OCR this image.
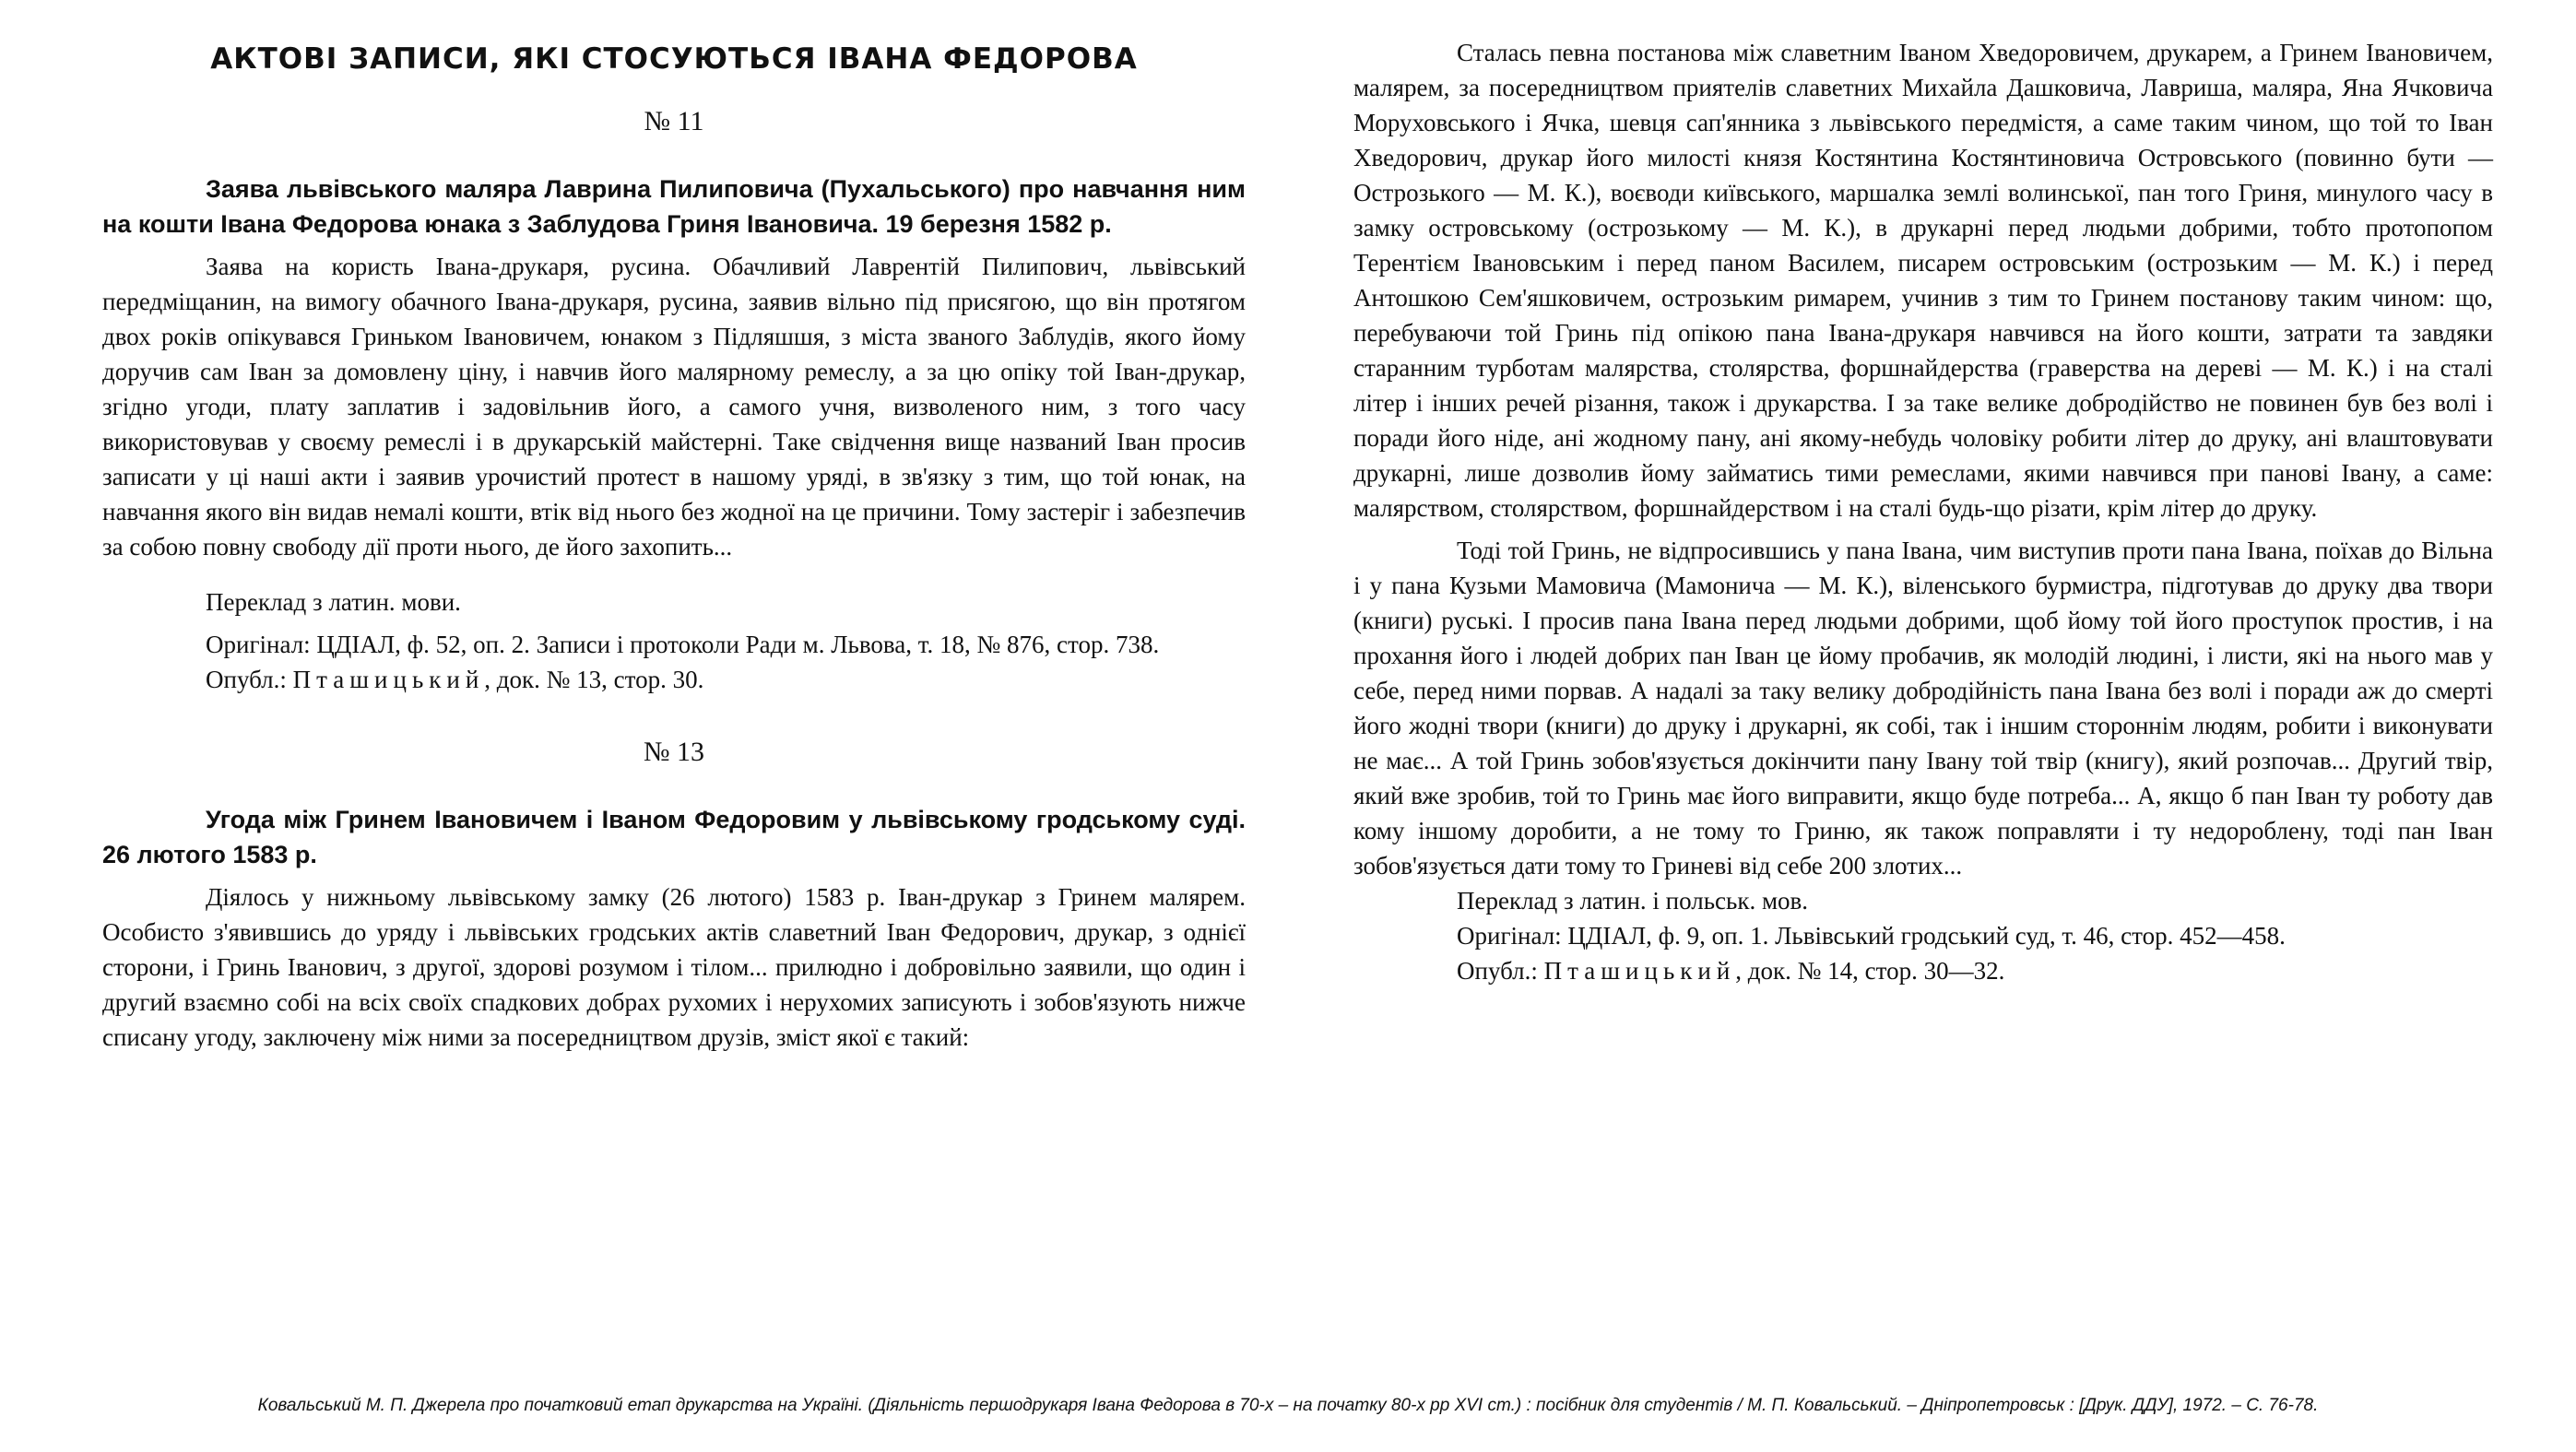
АКТОВІ ЗАПИСИ, ЯКІ СТОСУЮТЬСЯ ІВАНА ФЕДОРОВА
№ 11

Заява львівського маляра Лаврина Пилиповича (Пухальського) про навчання ним на кошти Івана Федорова юнака з Заблудова Гриня Івановича. 19 березня 1582 р.

Заява на користь Івана-друкаря, русина. Обачливий Лаврентій Пилипович, львівський передміщанин, на вимогу обачного Івана-друкаря, русина, заявив вільно під присягою, що він протягом двох років опікувався Гриньком Івановичем, юнаком з Підляшшя, з міста званого Заблудів, якого йому доручив сам Іван за домовлену ціну, і навчив його малярному ремеслу, а за цю опіку той Іван-друкар, згідно угоди, плату заплатив і задовільнив його, а самого учня, визволеного ним, з того часу використовував у своєму ремеслі і в друкарській майстерні. Таке свідчення вище названий Іван просив записати у ці наші акти і заявив урочистий протест в нашому уряді, в зв'язку з тим, що той юнак, на навчання якого він видав немалі кошти, втік від нього без жодної на це причини. Тому застеріг і забезпечив за собою повну свободу дії проти нього, де його захопить...

Переклад з латин. мови.

Оригінал: ЦДІАЛ, ф. 52, оп. 2. Записи і протоколи Ради м. Львова, т. 18, № 876, стор. 738.

Опубл.: Пташицький, док. № 13, стор. 30.

№ 13

Угода між Гринем Івановичем і Іваном Федоровим у львівському гродському суді. 26 лютого 1583 р.

Діялось у нижньому львівському замку (26 лютого) 1583 р. Іван-друкар з Гринем малярем. Особисто з'явившись до уряду і львівських гродських актів славетний Іван Федорович, друкар, з однієї сторони, і Гринь Іванович, з другої, здорові розумом і тілом... прилюдно і добровільно заявили, що один і другий взаємно собі на всіх своїх спадкових добрах рухомих і нерухомих записують і зобов'язують нижче списану угоду, заключену між ними за посередництвом друзів, зміст якої є такий:

Сталась певна постанова між славетним Іваном Хведоровичем, друкарем, а Гринем Івановичем, малярем, за посередництвом приятелів славетних Михайла Дашковича, Лавриша, маляра, Яна Ячковича Моруховського і Ячка, шевця сап'янника з львівського передмістя, а саме таким чином, що той то Іван Хведорович, друкар його милості князя Костянтина Костянтиновича Островського (повинно бути — Острозького — М. К.), воєводи київського, маршалка землі волинської, пан того Гриня, минулого часу в замку островському (острозькому — М. К.), в друкарні перед людьми добрими, тобто протопопом Терентієм Івановським і перед паном Василем, писарем островським (острозьким — М. К.) і перед Антошкою Сем'яшковичем, острозьким римарем, учинив з тим то Гринем постанову таким чином: що, перебуваючи той Гринь під опікою пана Івана-друкаря навчився на його кошти, затрати та завдяки стaранним турботам малярства, столярства, форшнайдерства (граверства на дереві — М. К.) і на сталі літер і інших речей різання, також і друкарства. І за таке велике добродійство не повинен був без волі і поради його ніде, ані жодному пану, ані якому-небудь чоловіку робити літер до друку, ані влаштовувати друкарні, лише дозволив йому займатись тими ремеслами, якими навчився при панові Івану, а саме: малярством, столярством, форшнайдерством і на сталі будь-що різати, крім літер до друку.

Тоді той Гринь, не відпросившись у пана Івана, чим виступив проти пана Івана, поїхав до Вільна і у пана Кузьми Мамовича (Мамонича — М. К.), віленського бурмистра, підготував до друку два твори (книги) руські. І просив пана Івана перед людьми добрими, щоб йому той його проступок простив, і на прохання його і людей добрих пан Іван це йому пробачив, як молодій людині, і листи, які на нього мав у себе, перед ними порвав. А надалі за таку велику добродійність пана Івана без волі і поради аж до смерті його жодні твори (книги) до друку і друкарні, як собі, так і іншим стороннім людям, робити і виконувати не має... А той Гринь зобов'язується докінчити пану Івану той твір (книгу), який розпочав... Другий твір, який вже зробив, той то Гринь має його виправити, якщо буде потреба... А, якщо б пан Іван ту роботу дав кому іншому доробити, а не тому то Гриню, як також поправляти і ту недороблену, тоді пан Іван зобов'язується дати тому то Гриневі від себе 200 злотих...

Переклад з латин. і польськ. мов.

Оригінал: ЦДІАЛ, ф. 9, оп. 1. Львівський гродський суд, т. 46, стор. 452—458.

Опубл.: Пташицький, док. № 14, стор. 30—32.

Ковальський М. П. Джерела про початковий етап друкарства на Україні. (Діяльність першодрукаря Івана Федорова в 70-х – на початку 80-х рр XVI ст.) : посібник для студентів / М. П. Ковальський. – Дніпропетровськ : [Друк. ДДУ], 1972. – С. 76-78.
